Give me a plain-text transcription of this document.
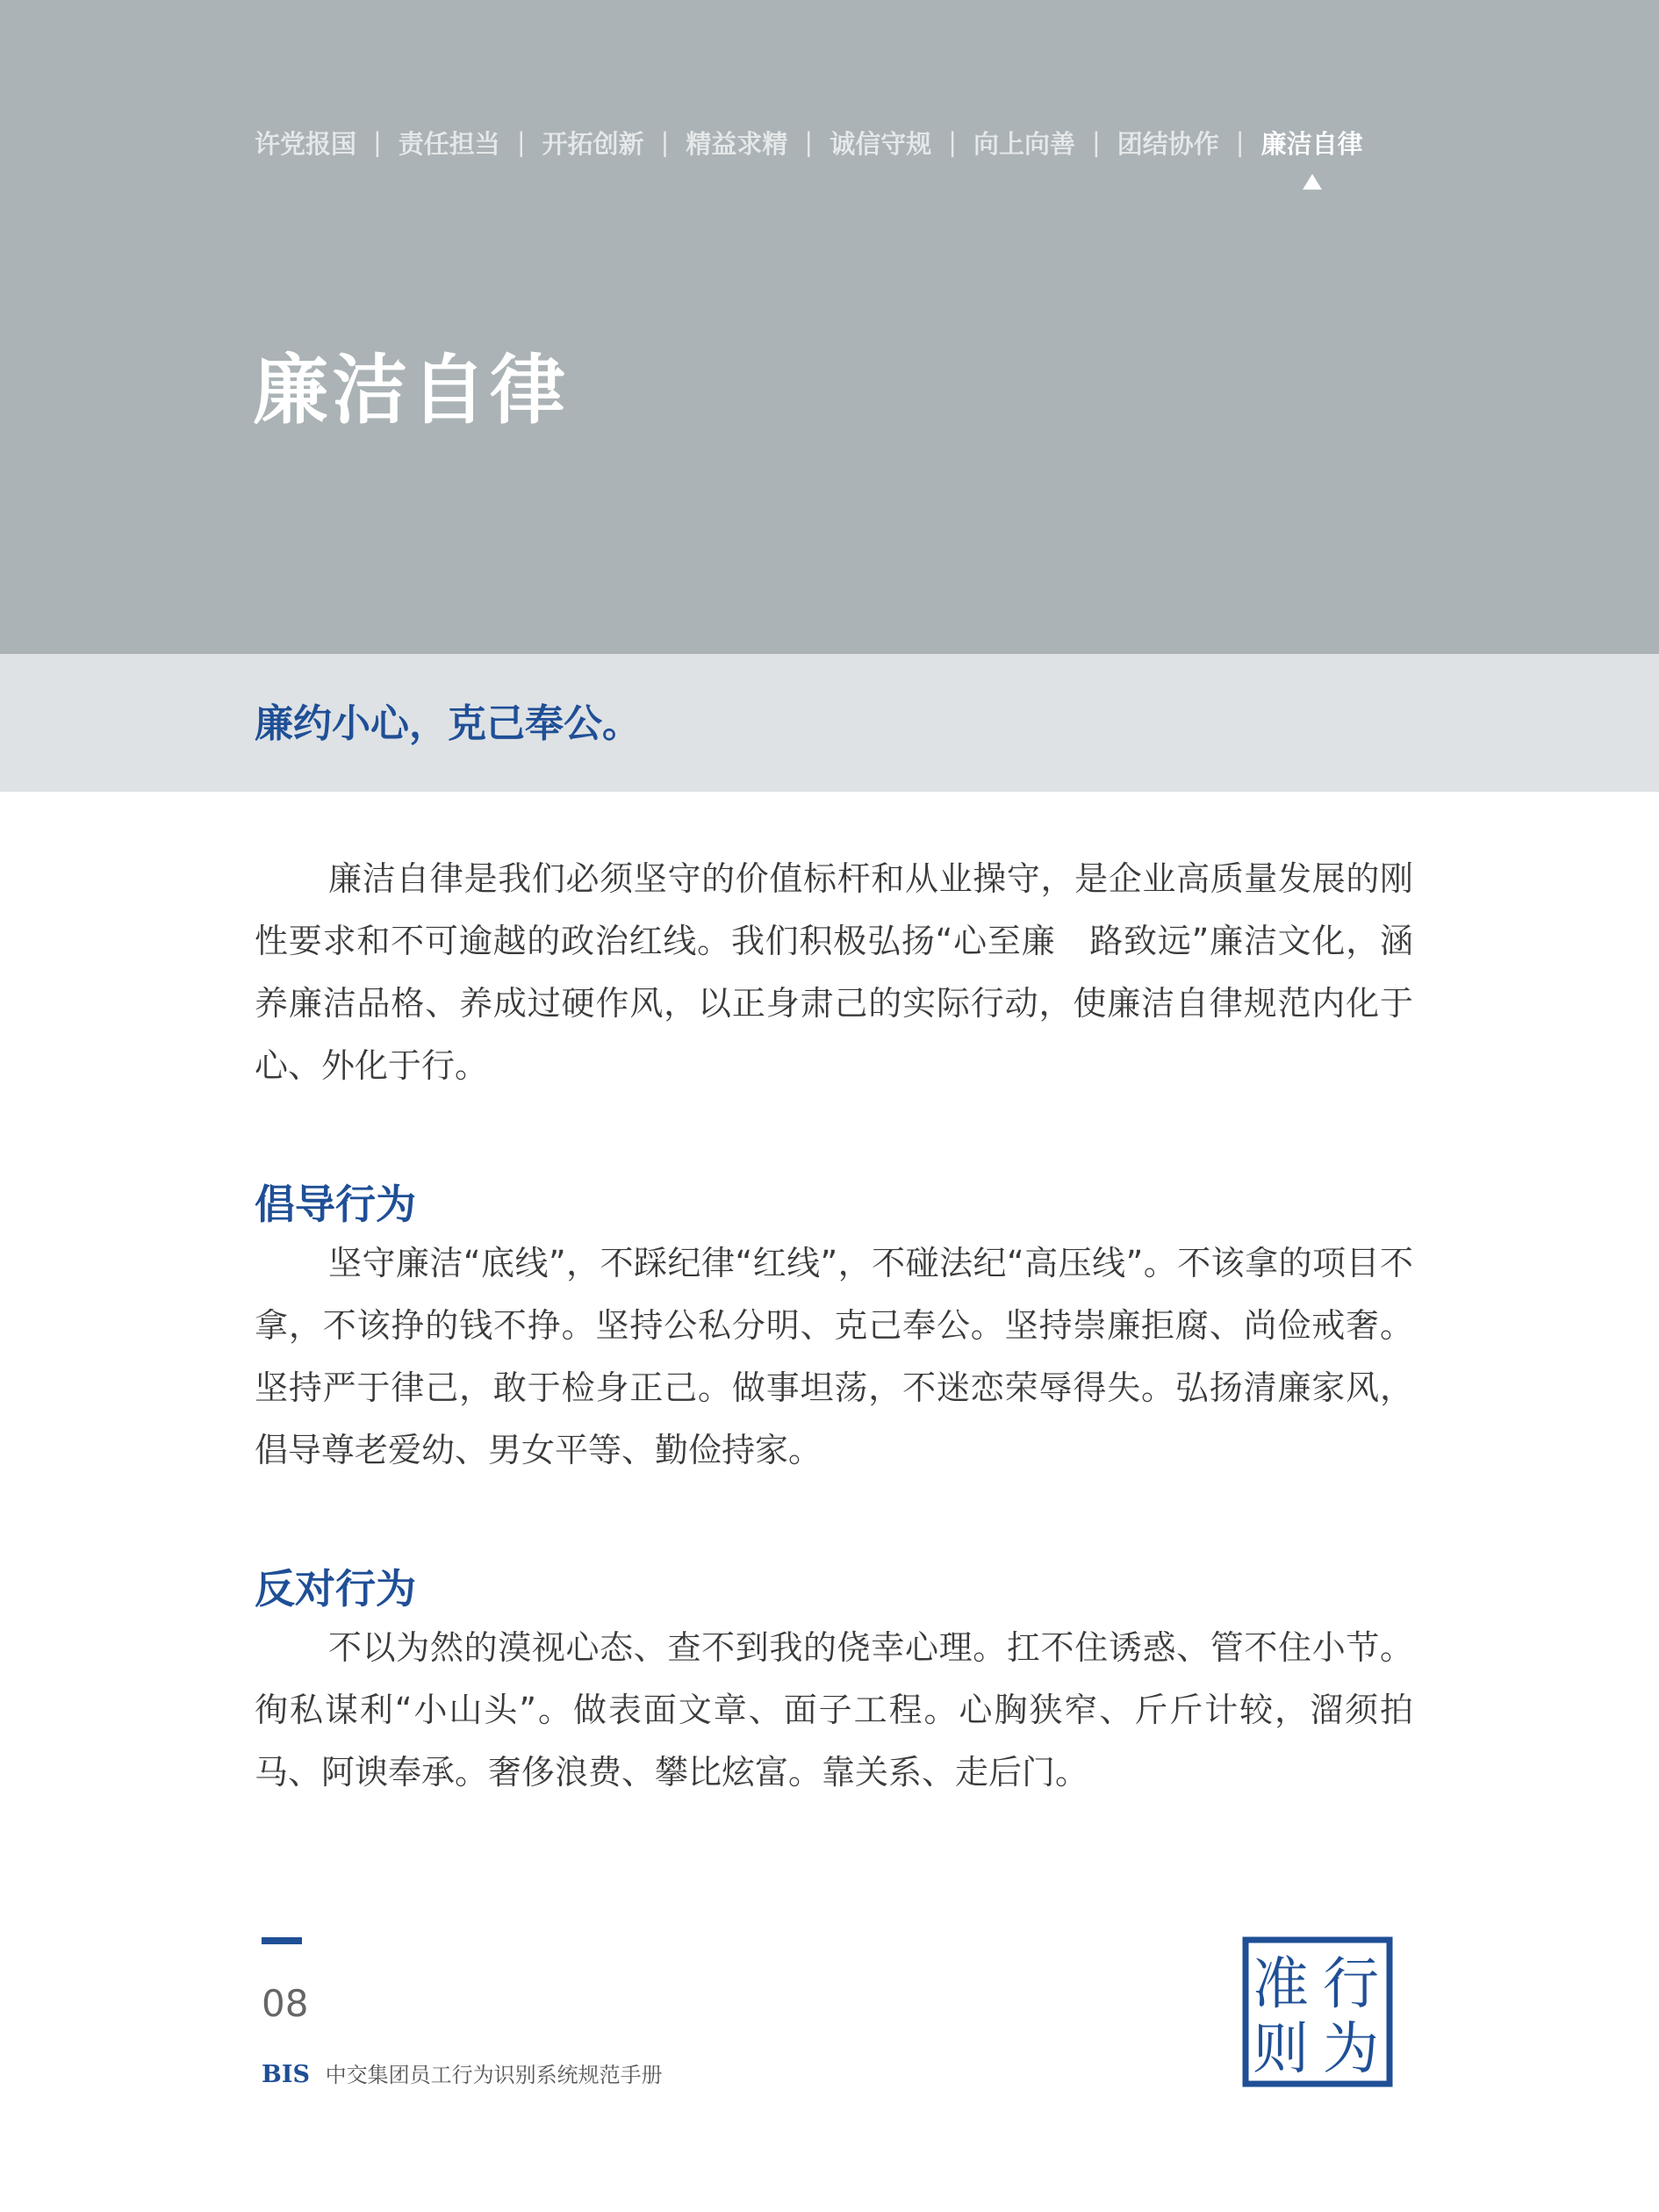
许党报国 | 责任担当 | 开拓创新 | 精益求精 | 诚信守规 | 向上向善 | 团结协作 | 廉洁自律
廉洁自律
廉约小心，克己奉公。

廉洁自律是我们必须坚守的价值标杆和从业操守，是企业高质量发展的刚性要求和不可逾越的政治红线。我们积极弘扬“心至廉　路致远”廉洁文化，涵养廉洁品格、养成过硬作风，以正身肃己的实际行动，使廉洁自律规范内化于心、外化于行。

倡导行为

坚守廉洁“底线”，不踩纪律“红线”，不碰法纪“高压线”。不该拿的项目不拿，不该挣的钱不挣。坚持公私分明、克己奉公。坚持崇廉拒腐、尚俭戒奢。坚持严于律己，敢于检身正己。做事坦荡，不迷恋荣辱得失。弘扬清廉家风，倡导尊老爱幼、男女平等、勤俭持家。

反对行为

不以为然的漠视心态、查不到我的侥幸心理。扛不住诱惑、管不住小节。徇私谋利“小山头”。做表面文章、面子工程。心胸狭窄、斤斤计较，溜须拍马、阿谀奉承。奢侈浪费、攀比炫富。靠关系、走后门。

08
BIS 中交集团员工行为识别系统规范手册
准 行
则 为
